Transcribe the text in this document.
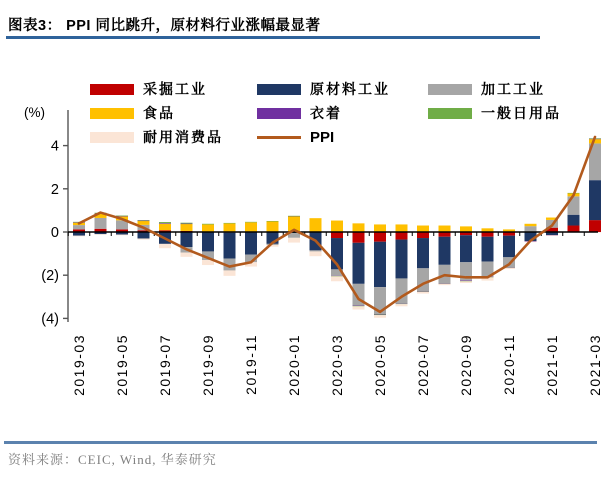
图表3： PPI 同比跳升，原材料行业涨幅最显著
采掘工业	原材料工业	加工工业
食品	衣着	一般日用品
耐用消费品	PPI
4
2
0
(2)
(4)
(%)
2019-03 2019-05 2019-07 2019-09 2019-11 2020-01 2020-03 2020-05 2020-07 2020-09 2020-11 2021-01 2021-03
资料来源：CEIC, Wind, 华泰研究
